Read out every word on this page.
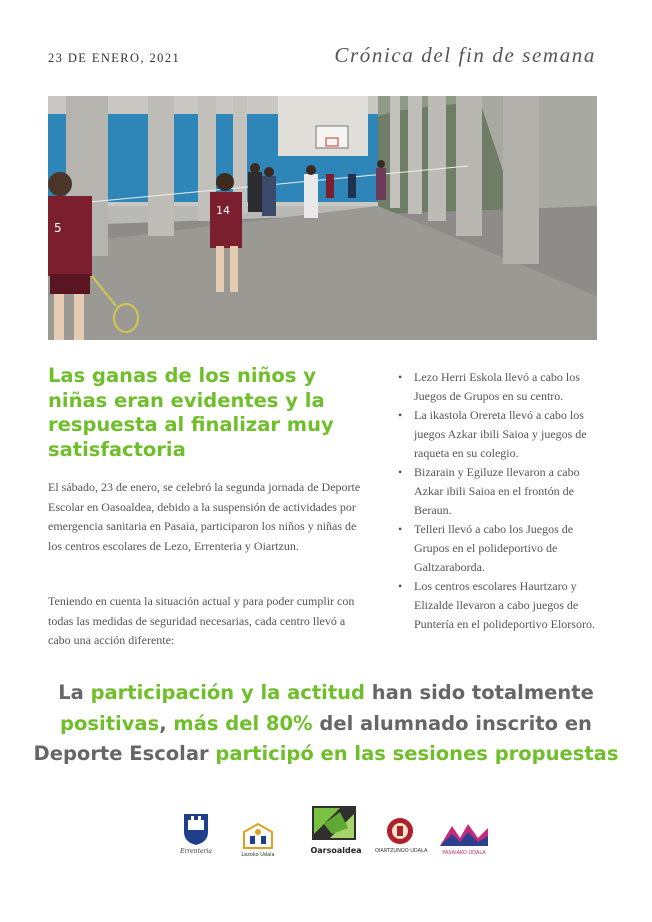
23 DE ENERO, 2021	Crónica del fin de semana
5
14
Las ganas de los niños y niñas eran evidentes y la respuesta al finalizar muy satisfactoria
El sábado, 23 de enero, se celebró la segunda jornada de Deporte Escolar en Oasoaldea, debido a la suspensión de actividades por emergencia sanitaria en Pasaia, participaron los niños y niñas de los centros escolares de Lezo, Errenteria y Oiartzun.
Teniendo en cuenta la situación actual y para poder cumplir con todas las medidas de seguridad necesarias, cada centro llevó a cabo una acción diferente:
• Lezo Herri Eskola llevó a cabo los Juegos de Grupos en su centro.
• La ikastola Orereta llevó a cabo los juegos Azkar ibili Saioa y juegos de raqueta en su colegio.
• Bizarain y Egiluze llevaron a cabo Azkar ibili Saioa en el frontón de Beraun.
• Telleri llevó a cabo los Juegos de Grupos en el polideportivo de Galtzaraborda.
• Los centros escolares Haurtzaro y Elizalde llevaron a cabo juegos de Puntería en el polideportivo Elorsoro.
La participación y la actitud han sido totalmente
positivas, más del 80% del alumnado inscrito en Deporte Escolar participó en las sesiones propuestas
Errenteria	Lezoko Udala	Oarsoaldea	OIARTZUNGO UDALA	PASAIAKO UDALA
